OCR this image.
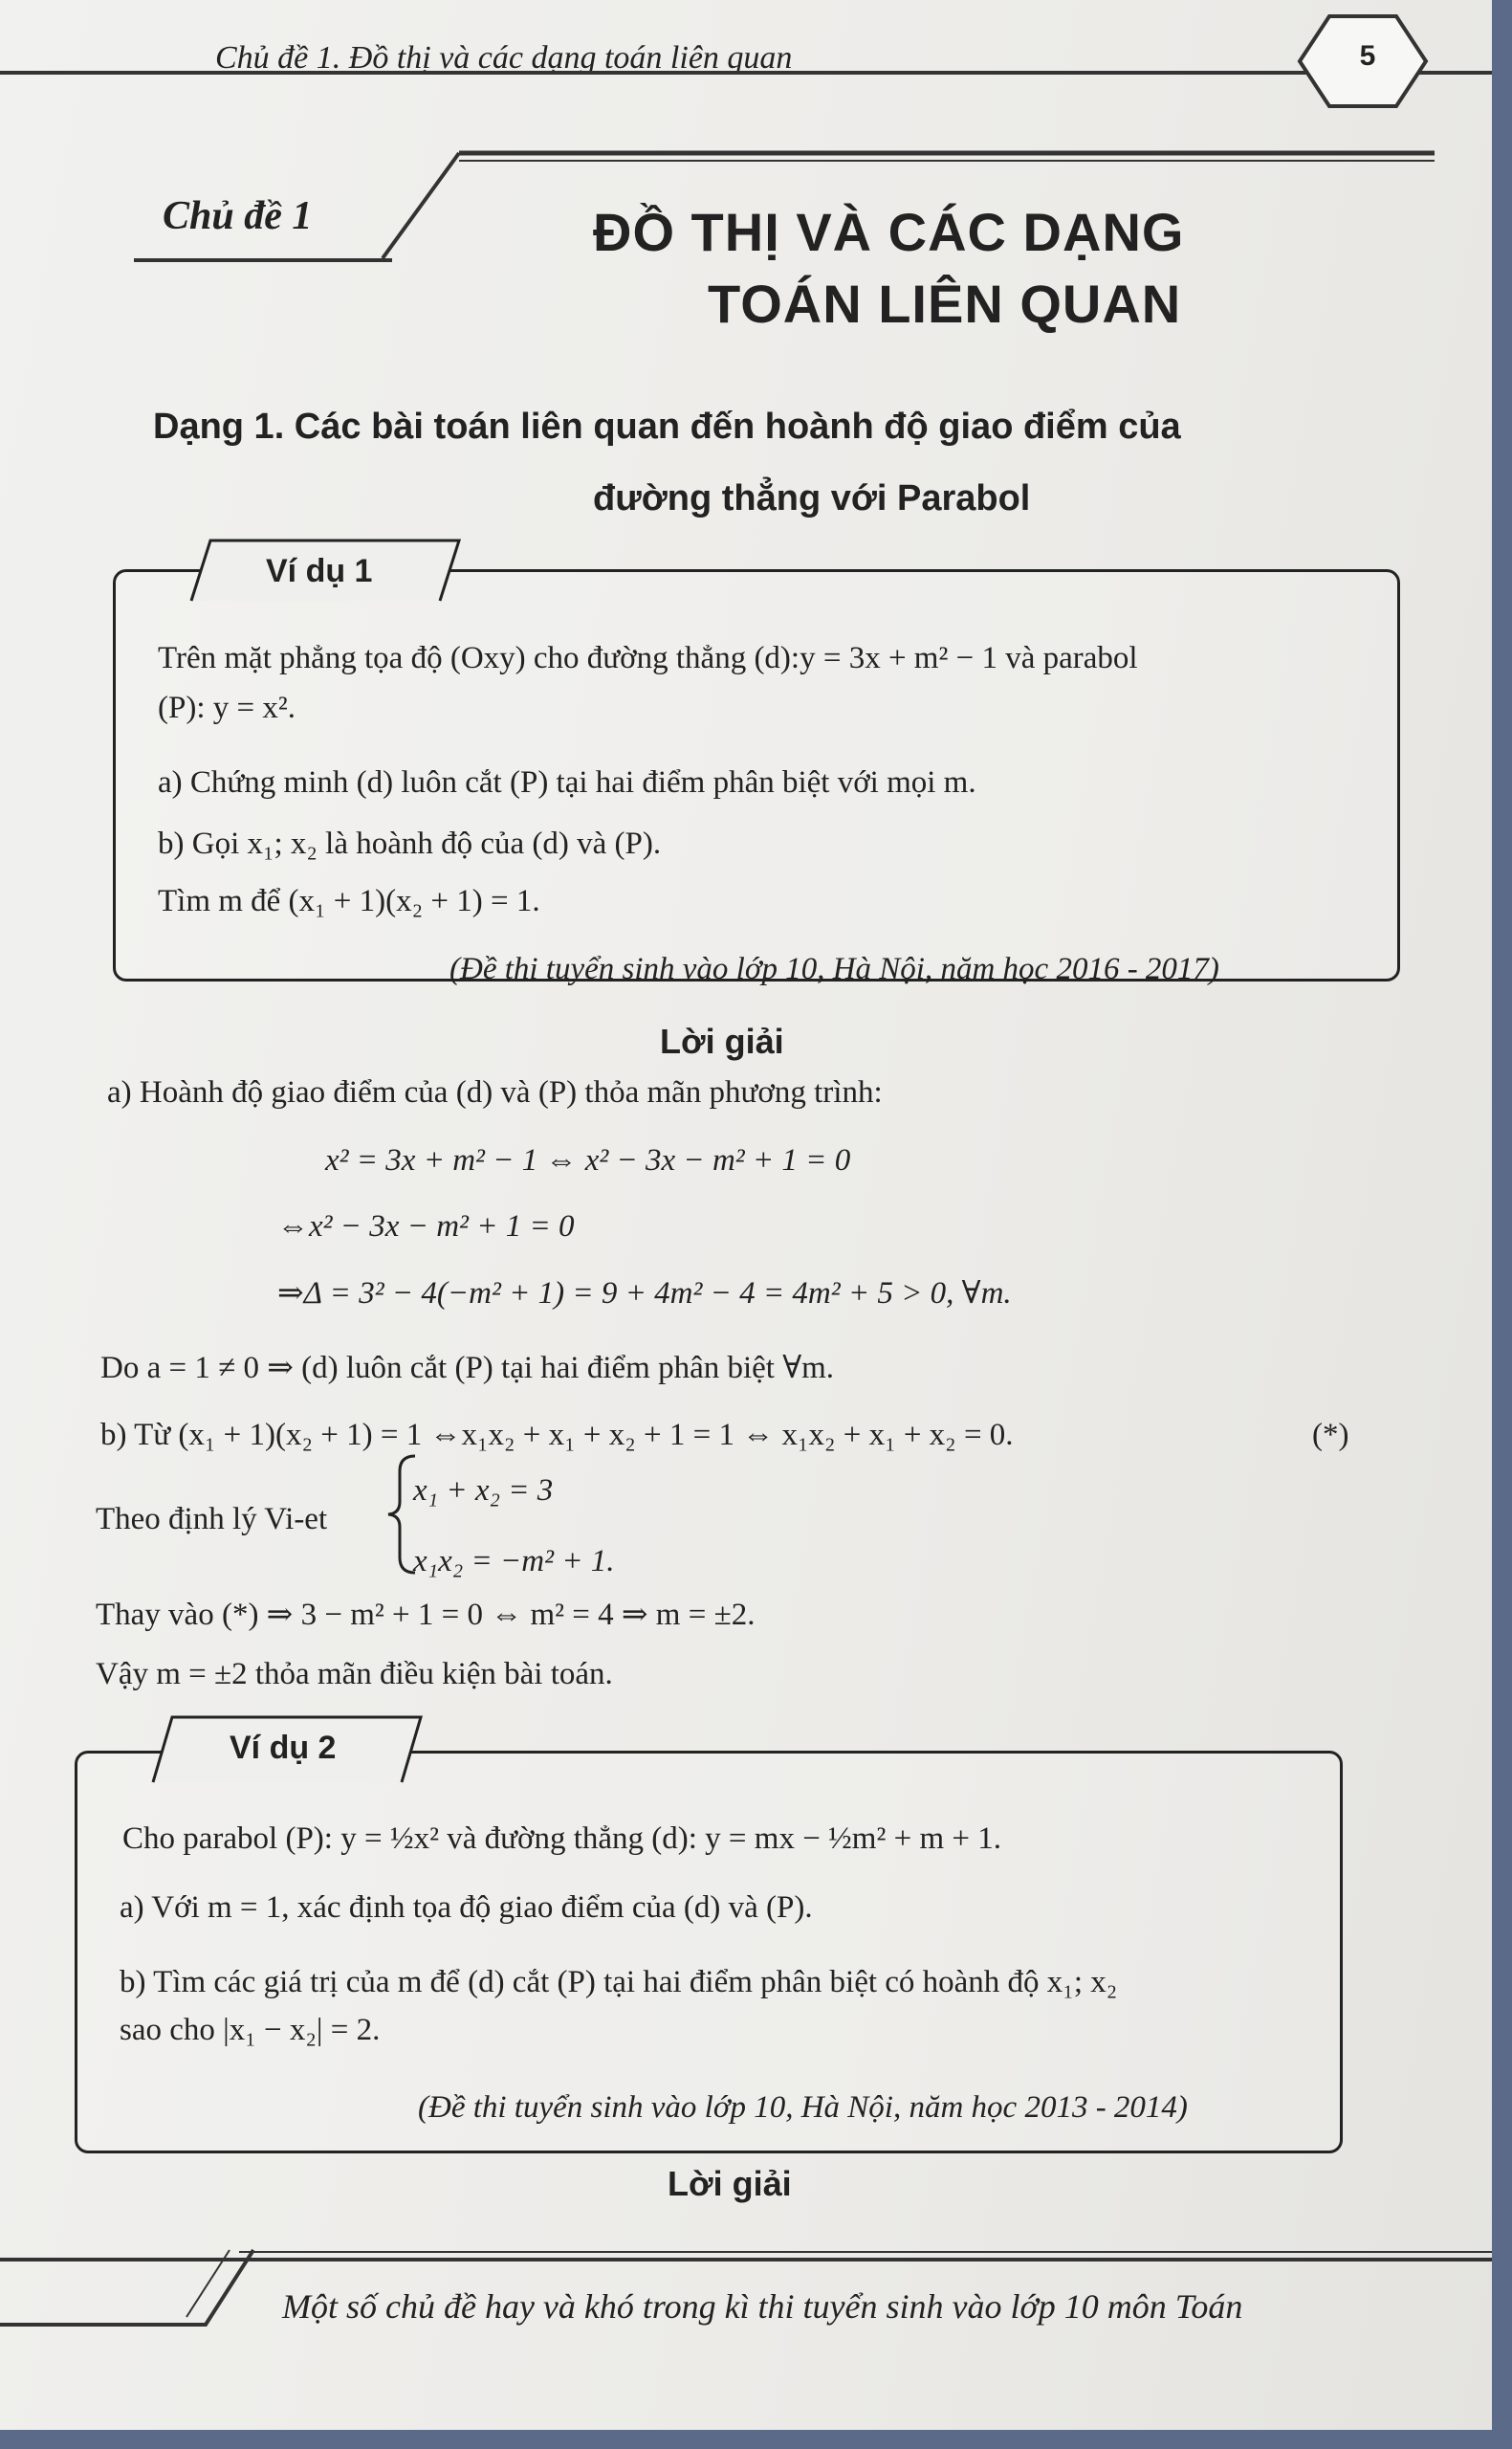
Chủ đề 1. Đồ thị và các dạng toán liên quan	5
Chủ đề 1	ĐỒ THỊ VÀ CÁC DẠNG
TOÁN LIÊN QUAN
Dạng 1. Các bài toán liên quan đến hoành độ giao điểm của
đường thẳng với Parabol
Ví dụ 1
Trên mặt phẳng tọa độ (Oxy) cho đường thẳng (d):y = 3x + m² − 1 và parabol
(P): y = x².
a) Chứng minh (d) luôn cắt (P) tại hai điểm phân biệt với mọi m.
b) Gọi x₁; x₂ là hoành độ của (d) và (P).
Tìm m để (x₁ + 1)(x₂ + 1) = 1.
(Đề thi tuyển sinh vào lớp 10, Hà Nội, năm học 2016 - 2017)
Lời giải
a) Hoành độ giao điểm của (d) và (P) thỏa mãn phương trình:
x² = 3x + m² − 1 ⇔ x² − 3x − m² + 1 = 0
⇔x² − 3x − m² + 1 = 0
⇒Δ = 3² − 4(−m² + 1) = 9 + 4m² − 4 = 4m² + 5 > 0, ∀m.
Do a = 1 ≠ 0 ⇒ (d) luôn cắt (P) tại hai điểm phân biệt ∀m.
b) Từ (x₁ + 1)(x₂ + 1) = 1 ⇔x₁x₂ + x₁ + x₂ + 1 = 1 ⇔ x₁x₂ + x₁ + x₂ = 0.	(*)
Theo định lý Vi-et
x₁ + x₂ = 3
x₁x₂ = −m² + 1.
Thay vào (*) ⇒ 3 − m² + 1 = 0 ⇔ m² = 4 ⇒ m = ±2.
Vậy m = ±2 thỏa mãn điều kiện bài toán.
Ví dụ 2
Cho parabol (P): y = ½x² và đường thẳng (d): y = mx − ½m² + m + 1.
a) Với m = 1, xác định tọa độ giao điểm của (d) và (P).
b) Tìm các giá trị của m để (d) cắt (P) tại hai điểm phân biệt có hoành độ x₁; x₂
sao cho |x₁ − x₂| = 2.
(Đề thi tuyển sinh vào lớp 10, Hà Nội, năm học 2013 - 2014)
Lời giải
Một số chủ đề hay và khó trong kì thi tuyển sinh vào lớp 10 môn Toán
